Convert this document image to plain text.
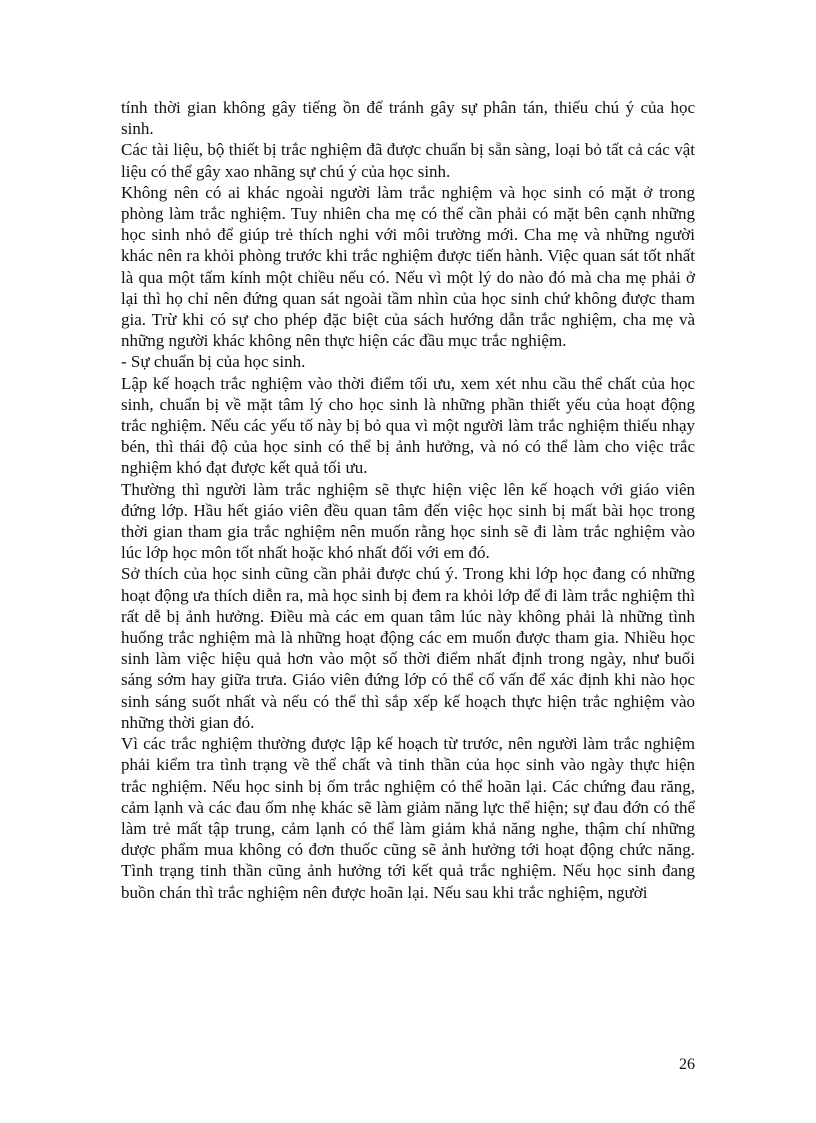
tính thời gian không gây tiếng ồn để tránh gây sự phân tán, thiếu chú ý của học sinh.

Các tài liệu, bộ thiết bị trắc nghiệm đã được chuẩn bị sẵn sàng, loại bỏ tất cả các vật liệu có thể gây xao nhãng sự chú ý của học sinh.

Không nên có ai khác ngoài người làm trắc nghiệm và học sinh có mặt ở trong phòng làm trắc nghiệm. Tuy nhiên cha mẹ có thể cần phải có mặt bên cạnh những học sinh nhỏ để giúp trẻ thích nghi với môi trường mới. Cha mẹ và những người khác nên ra khỏi phòng trước khi trắc nghiệm được tiến hành. Việc quan sát tốt nhất là qua một tấm kính một chiều nếu có. Nếu vì một lý do nào đó mà cha mẹ phải ở lại thì họ chỉ nên đứng quan sát ngoài tầm nhìn của học sinh chứ không được tham gia. Trừ khi có sự cho phép đặc biệt của sách hướng dẫn trắc nghiệm, cha mẹ và những người khác không nên thực hiện các đầu mục trắc nghiệm.

- Sự chuẩn bị của học sinh.

Lập kế hoạch trắc nghiệm vào thời điểm tối ưu, xem xét nhu cầu thể chất của học sinh, chuẩn bị về mặt tâm lý cho học sinh là những phần thiết yếu của hoạt động trắc nghiệm. Nếu các yếu tố này bị bỏ qua vì một người làm trắc nghiệm thiếu nhạy bén, thì thái độ của học sinh có thể bị ảnh hưởng, và nó có thể làm cho việc trắc nghiệm khó đạt được kết quả tối ưu.

Thường thì người làm trắc nghiệm sẽ thực hiện việc lên kế hoạch với giáo viên đứng lớp. Hầu hết giáo viên đều quan tâm đến việc học sinh bị mất bài học trong thời gian tham gia trắc nghiệm nên muốn rằng học sinh sẽ đi làm trắc nghiệm vào lúc lớp học môn tốt nhất hoặc khó nhất đối với em đó.

Sở thích của học sinh cũng cần phải được chú ý. Trong khi lớp học đang có những hoạt động ưa thích diễn ra, mà học sinh bị đem ra khỏi lớp để đi làm trắc nghiệm thì rất dễ bị ảnh hưởng. Điều mà các em quan tâm lúc này không phải là những tình huống trắc nghiệm mà là những hoạt động các em muốn được tham gia. Nhiều học sinh làm việc hiệu quả hơn vào một số thời điểm nhất định trong ngày, như buổi sáng sớm hay giữa trưa. Giáo viên đứng lớp có thể cố vấn để xác định khi nào học sinh sáng suốt nhất và nếu có thể thì sắp xếp kế hoạch thực hiện trắc nghiệm vào những thời gian đó.

Vì các trắc nghiệm thường được lập kế hoạch từ trước, nên người làm trắc nghiệm phải kiểm tra tình trạng về thể chất và tinh thần của học sinh vào ngày thực hiện trắc nghiệm. Nếu học sinh bị ốm trắc nghiệm có thể hoãn lại. Các chứng đau răng, cảm lạnh và các đau ốm nhẹ khác sẽ làm giảm năng lực thể hiện; sự đau đớn có thể làm trẻ mất tập trung, cảm lạnh có thể làm giảm khả năng nghe, thậm chí những dược phẩm mua không có đơn thuốc cũng sẽ ảnh hưởng tới hoạt động chức năng. Tình trạng tinh thần cũng ảnh hưởng tới kết quả trắc nghiệm. Nếu học sinh đang buồn chán thì trắc nghiệm nên được hoãn lại. Nếu sau khi trắc nghiệm, người

26
